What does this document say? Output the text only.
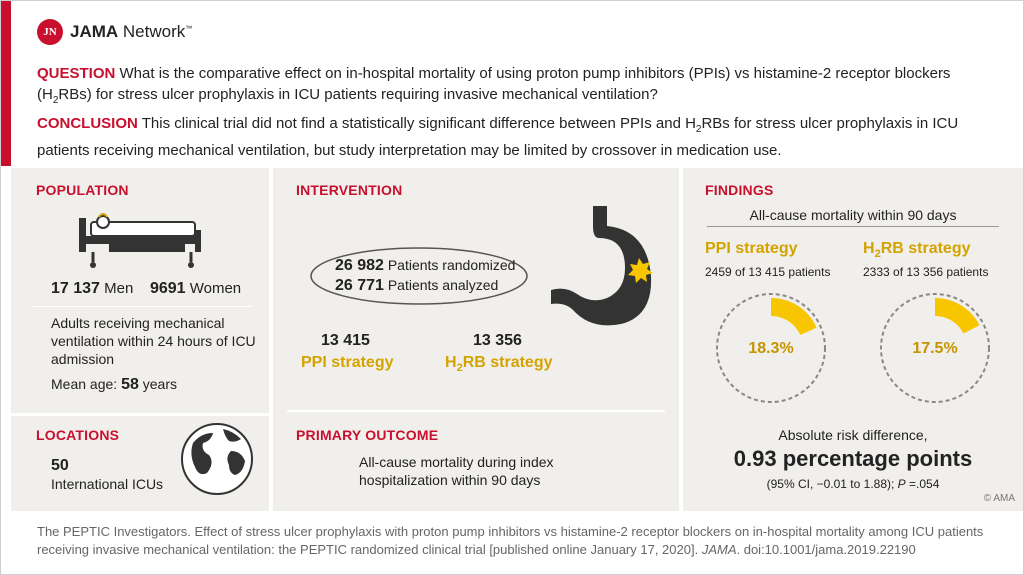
JN JAMA Network™
QUESTION What is the comparative effect on in-hospital mortality of using proton pump inhibitors (PPIs) vs histamine-2 receptor blockers $(H_2RBs)$ for stress ulcer prophylaxis in ICU patients requiring invasive mechanical ventilation?
CONCLUSION This clinical trial did not find a statistically significant difference between PPIs and $H_2RBs$ for stress ulcer prophylaxis in ICU patients receiving mechanical ventilation, but study interpretation may be limited by crossover in medication use.
POPULATION
17 137 Men 9691 Women
Adults receiving mechanical ventilation within 24 hours of ICU admission
Mean age: 58 years
LOCATIONS
50
International ICUs
INTERVENTION
26 982 Patients randomized
26 771 Patients analyzed
13 415
PPI strategy
13 356
$H_2RB$ strategy
PRIMARY OUTCOME
All-cause mortality during index hospitalization within 90 days
FINDINGS
All-cause mortality within 90 days
PPI strategy
2459 of 13 415 patients
$H_2RB$ strategy
2333 of 13 356 patients
18.3%	17.5%
Absolute risk difference,
0.93 percentage points
(95% CI, −0.01 to 1.88); P =.054
© AMA
The PEPTIC Investigators. Effect of stress ulcer prophylaxis with proton pump inhibitors vs histamine-2 receptor blockers on in-hospital mortality among ICU patients receiving invasive mechanical ventilation: the PEPTIC randomized clinical trial [published online January 17, 2020]. JAMA. doi:10.1001/jama.2019.22190
